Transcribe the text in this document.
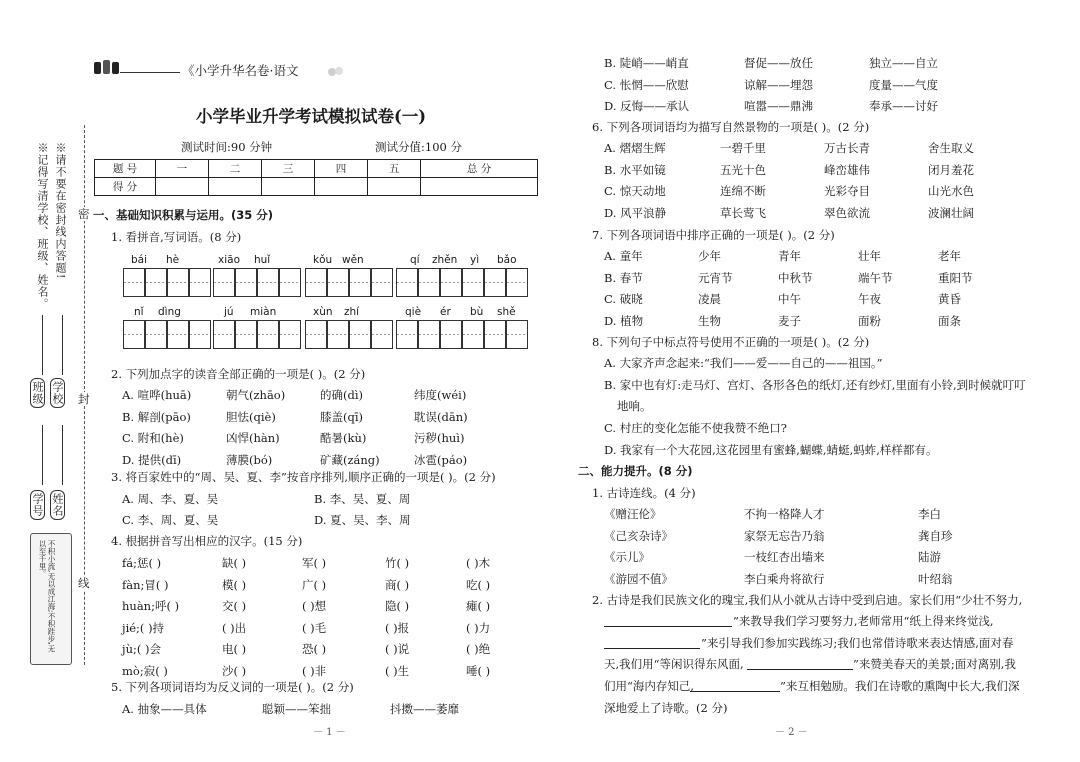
《小学升华名卷·语文
小学毕业升学考试模拟试卷(一)
测试时间:90 分钟	测试分值:100 分
题 号	一	二	三	四	五	总 分
得 分						
※请不要在密封线内答题!
※记得写清学校、班级、姓名。	密
封
线
班级 学校
学号 姓名
不积小流,无以成江海;不积跬步,无以至千里。
一、基础知识积累与运用。(35 分)
1. 看拼音,写词语。(8 分)
bái hè	xiāo huǐ	kǒu wěn	qí zhěn yì bǎo
nǐ dìng	jú miàn	xùn zhí	qiè ér bù shě
2. 下列加点字的读音全部正确的一项是( )。(2 分)
3. 将百家姓中的“周、吴、夏、李”按音序排列,顺序正确的一项是( )。(2 分)
A. 周、李、夏、吴	B. 李、吴、夏、周
C. 李、周、夏、吴	D. 夏、吴、李、周
4. 根据拼音写出相应的汉字。(15 分)
5. 下列各项词语均为反义词的一项是( )。(2 分)
A. 抽象——具体	聪颖——笨拙	抖擞——萎靡
－ 1 －
6. 下列各项词语均为描写自然景物的一项是( )。(2 分)
7. 下列各项词语中排序正确的一项是( )。(2 分)
8. 下列句子中标点符号使用不正确的一项是( )。(2 分)
A. 大家齐声念起来:“我们——爱——自己的——祖国。”
B. 家中也有灯:走马灯、宫灯、各形各色的纸灯,还有纱灯,里面有小铃,到时候就叮叮
地响。
C. 村庄的变化怎能不使我赞不绝口?
D. 我家有一个大花园,这花园里有蜜蜂,蝴蝶,蜻蜓,蚂蚱,样样都有。
二、能力提升。(8 分)
1. 古诗连线。(4 分)
2. 古诗是我们民族文化的瑰宝,我们从小就从古诗中受到启迪。家长们用“少壮不努力,
”来教导我们学习要努力,老师常用“纸上得来终觉浅,
”来引导我们参加实践练习;我们也常借诗歌来表达情感,面对春
天,我们用“等闲识得东风面,	”来赞美春天的美景;面对离别,我
们用“海内存知己,	”来互相勉励。我们在诗歌的熏陶中长大,我们深
深地爱上了诗歌。(2 分)
－ 2 －
A. 喧哗(huā)	朝气(zhāo)	的确(dì)	纬度(wéi)
B. 解剖(pāo)	胆怯(qiè)	膝盖(qī)	耽误(dān)
C. 附和(hè)	凶悍(hàn)	酷暑(kù)	污秽(huì)
D. 提供(dī)	薄膜(bó)	矿藏(záng)	冰雹(páo)
fá;惩( )	缺( )	军( )	竹( )	( )木
fàn;冒( )	模( )	广( )	商( )	吃( )
huàn;呼( )	交( )	( )想	隐( )	瘫( )
jié;( )持	( )出	( )毛	( )报	( )力
jù;( )会	电( )	恐( )	( )说	( )绝
mò;寂( )	沙( )	( )非	( )生	唾( )
B. 陡峭——峭直	督促——放任	独立——自立
C. 怅惘——欣慰	谅解——埋怨	度量——气度
D. 反悔——承认	喧嚣——鼎沸	奉承——讨好
A. 熠熠生辉	一碧千里	万古长青	舍生取义
B. 水平如镜	五光十色	峰峦雄伟	闭月羞花
C. 惊天动地	连绵不断	光彩夺目	山光水色
D. 风平浪静	草长莺飞	翠色欲流	波澜壮阔
A. 童年	少年	青年	壮年	老年
B. 春节	元宵节	中秋节	端午节	重阳节
C. 破晓	凌晨	中午	午夜	黄昏
D. 植物	生物	麦子	面粉	面条
《赠汪伦》	不拘一格降人才	李白
《己亥杂诗》	家祭无忘告乃翁	龚自珍
《示儿》	一枝红杏出墙来	陆游
《游园不值》	李白乘舟将欲行	叶绍翁
